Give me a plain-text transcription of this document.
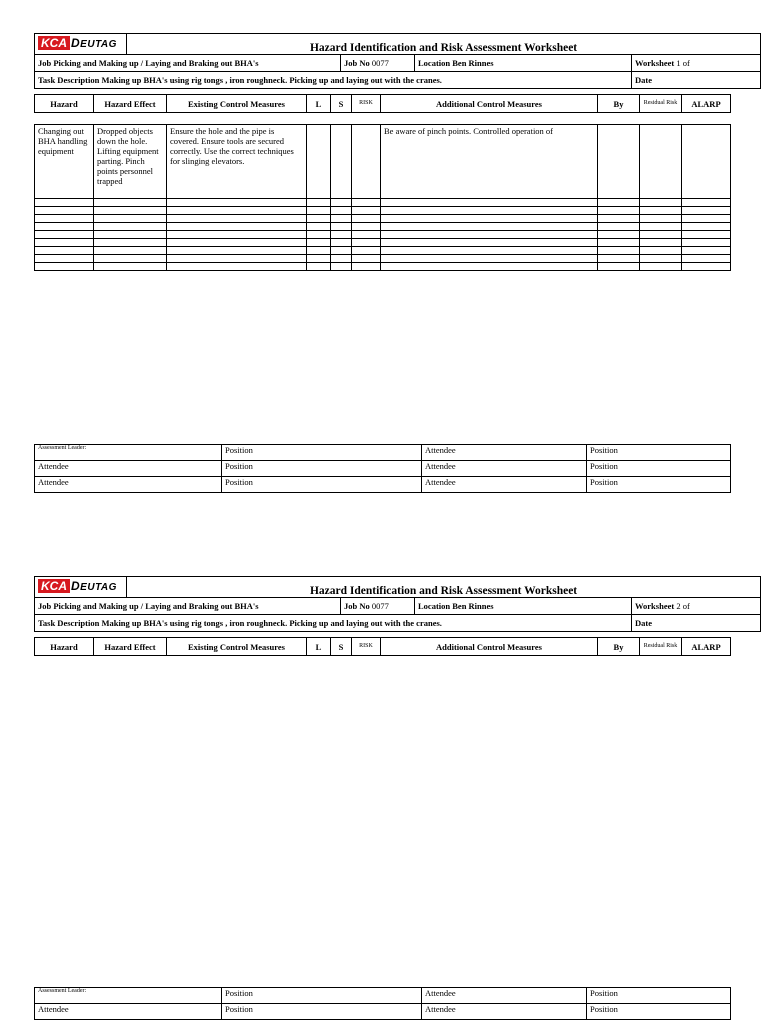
KCA DEUTAG	Hazard Identification and Risk Assessment Worksheet			
Job Picking and Making up / Laying and Braking out BHA's		Job No 0077	Location Ben Rinnes	Worksheet 1 of
Task Description Making up BHA's using rig tongs , iron roughneck. Picking up and laying out with the cranes.				Date
Hazard	Hazard Effect	Existing Control Measures	L	S	RISK	Additional Control Measures	By	Residual Risk	ALARP
Changing out BHA handling equipment	Dropped objects down the hole. Lifting equipment parting. Pinch points personnel trapped	Ensure the hole and the pipe is covered. Ensure tools are secured correctly. Use the correct techniques for slinging elevators.				Be aware of pinch points. Controlled operation of			

Assessment Leader:	Position	Attendee	Position
Attendee	Position	Attendee	Position
Attendee	Position	Attendee	Position
KCA DEUTAG	Hazard Identification and Risk Assessment Worksheet			
Job Picking and Making up / Laying and Braking out BHA's		Job No 0077	Location Ben Rinnes	Worksheet 2 of
Task Description Making up BHA's using rig tongs , iron roughneck. Picking up and laying out with the cranes.				Date
Hazard	Hazard Effect	Existing Control Measures	L	S	RISK	Additional Control Measures	By	Residual Risk	ALARP
Assessment Leader:	Position	Attendee	Position
Attendee	Position	Attendee	Position
